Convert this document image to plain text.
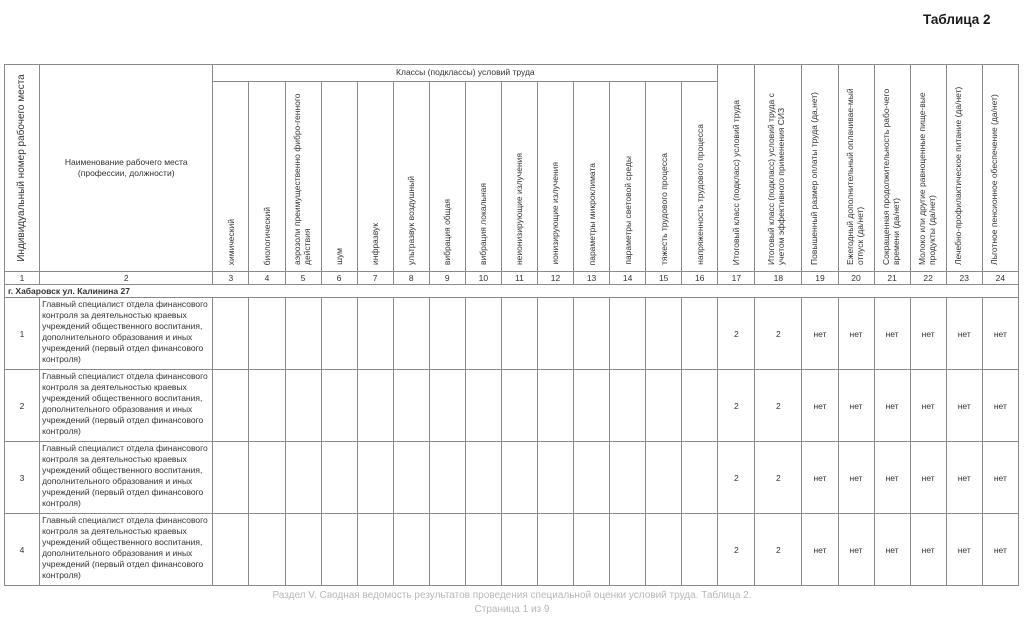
Таблица 2
Индивидуальный номер рабочего места	Наименование рабочего места (профессии, должности)	Классы (подклассы) условий труда														Итоговый класс (подкласс) условий труда	Итоговый класс (подкласс) условий труда с учетом эффективного применения СИЗ	Повышенный размер оплаты труда (да,нет)	Ежегодный дополнительный оплачивае-мый отпуск (да/нет)	Сокращенная продолжительность рабо-чего времени (да/нет)	Молоко или другие равноценные пище-вые продукты (да/нет)	Лечебно-профилактическое питание (да/нет)	Льготное пенсионное обеспечение (да/нет)

		химический	биологический	аэрозоли преимущественно фибро-генного действия	шум	инфразвук	ультразвук воздушный	вибрация общая	вибрация локальная	неионизирующие излучения	ионизирующие излучения	параметры микроклимата	параметры световой среды	тяжесть трудового процесса	напряженность трудового процесса								

1	2	3	4	5	6	7	8	9	10	11	12	13	14	15	16	17	18	19	20	21	22	23	24
г. Хабаровск ул. Калинина 27																							
1	Главный специалист отдела финансового контроля за деятельностью краевых учреждений общественного воспитания, дополнительного образования и иных учреждений (первый отдел финансового контроля)															2	2	нет	нет	нет	нет	нет	нет
2	Главный специалист отдела финансового контроля за деятельностью краевых учреждений общественного воспитания, дополнительного образования и иных учреждений (первый отдел финансового контроля)															2	2	нет	нет	нет	нет	нет	нет
3	Главный специалист отдела финансового контроля за деятельностью краевых учреждений общественного воспитания, дополнительного образования и иных учреждений (первый отдел финансового контроля)															2	2	нет	нет	нет	нет	нет	нет
4	Главный специалист отдела финансового контроля за деятельностью краевых учреждений общественного воспитания, дополнительного образования и иных учреждений (первый отдел финансового контроля)															2	2	нет	нет	нет	нет	нет	нет
Раздел V. Сводная ведомость результатов проведения специальной оценки условий труда. Таблица 2.
Страница 1 из 9
